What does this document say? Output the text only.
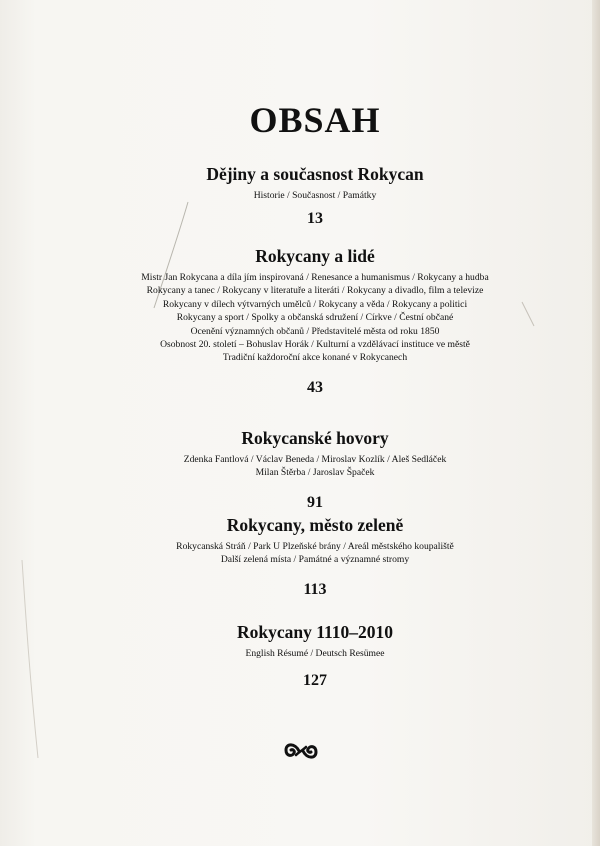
OBSAH
Dějiny a současnost Rokycan
Historie / Současnost / Památky
13
Rokycany a lidé
Mistr Jan Rokycana a díla jím inspirovaná / Renesance a humanismus / Rokycany a hudba
Rokycany a tanec / Rokycany v literatuře a literáti / Rokycany a divadlo, film a televize
Rokycany v dílech výtvarných umělců / Rokycany a věda / Rokycany a politici
Rokycany a sport / Spolky a občanská sdružení / Církve / Čestní občané
Ocenění významných občanů / Představitelé města od roku 1850
Osobnost 20. století – Bohuslav Horák / Kulturní a vzdělávací instituce ve městě
Tradiční každoroční akce konané v Rokycanech
43
Rokycanské hovory
Zdenka Fantlová / Václav Beneda / Miroslav Kozlík / Aleš Sedláček
Milan Štěrba / Jaroslav Špaček
91
Rokycany, město zeleně
Rokycanská Stráň / Park U Plzeňské brány / Areál městského koupaliště
Další zelená místa / Památné a významné stromy
113
Rokycany 1110–2010
English Résumé / Deutsch Resümee
127
